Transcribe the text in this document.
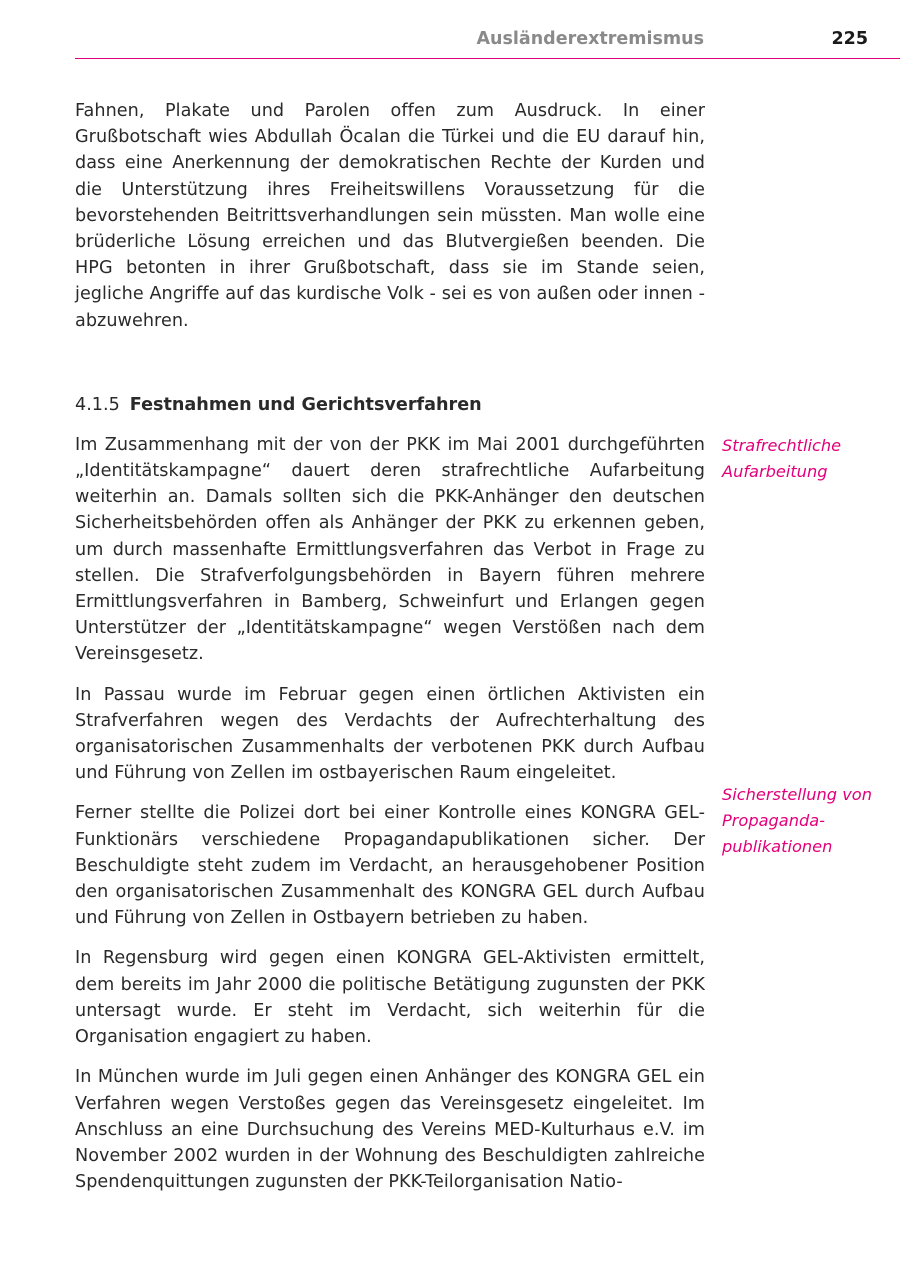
Ausländerextremismus	225

Fahnen, Plakate und Parolen offen zum Ausdruck. In einer Grußbotschaft wies Abdullah Öcalan die Türkei und die EU darauf hin, dass eine Anerkennung der demokratischen Rechte der Kurden und die Unterstützung ihres Freiheitswillens Voraussetzung für die bevorstehenden Beitrittsverhandlungen sein müssten. Man wolle eine brüderliche Lösung erreichen und das Blutvergießen beenden. Die HPG betonten in ihrer Grußbotschaft, dass sie im Stande seien, jegliche Angriffe auf das kurdische Volk - sei es von außen oder innen - abzuwehren.

4.1.5 Festnahmen und Gerichtsverfahren

Im Zusammenhang mit der von der PKK im Mai 2001 durchgeführten „Identitätskampagne“ dauert deren strafrechtliche Aufarbeitung weiterhin an. Damals sollten sich die PKK-Anhänger den deutschen Sicherheitsbehörden offen als Anhänger der PKK zu erkennen geben, um durch massenhafte Ermittlungsverfahren das Verbot in Frage zu stellen. Die Strafverfolgungsbehörden in Bayern führen mehrere Ermittlungsverfahren in Bamberg, Schweinfurt und Erlangen gegen Unterstützer der „Identitätskampagne“ wegen Verstößen nach dem Vereinsgesetz.

In Passau wurde im Februar gegen einen örtlichen Aktivisten ein Strafverfahren wegen des Verdachts der Aufrechterhaltung des organisatorischen Zusammenhalts der verbotenen PKK durch Aufbau und Führung von Zellen im ostbayerischen Raum eingeleitet.

Ferner stellte die Polizei dort bei einer Kontrolle eines KONGRA GEL-Funktionärs verschiedene Propagandapublikationen sicher. Der Beschuldigte steht zudem im Verdacht, an herausgehobener Position den organisatorischen Zusammenhalt des KONGRA GEL durch Aufbau und Führung von Zellen in Ostbayern betrieben zu haben.

In Regensburg wird gegen einen KONGRA GEL-Aktivisten ermittelt, dem bereits im Jahr 2000 die politische Betätigung zugunsten der PKK untersagt wurde. Er steht im Verdacht, sich weiterhin für die Organisation engagiert zu haben.

In München wurde im Juli gegen einen Anhänger des KONGRA GEL ein Verfahren wegen Verstoßes gegen das Vereinsgesetz eingeleitet. Im Anschluss an eine Durchsuchung des Vereins MED-Kulturhaus e.V. im November 2002 wurden in der Wohnung des Beschuldigten zahlreiche Spendenquittungen zugunsten der PKK-Teilorganisation Natio-

Strafrechtliche
Aufarbeitung
Sicherstellung von
Propaganda-
publikationen
